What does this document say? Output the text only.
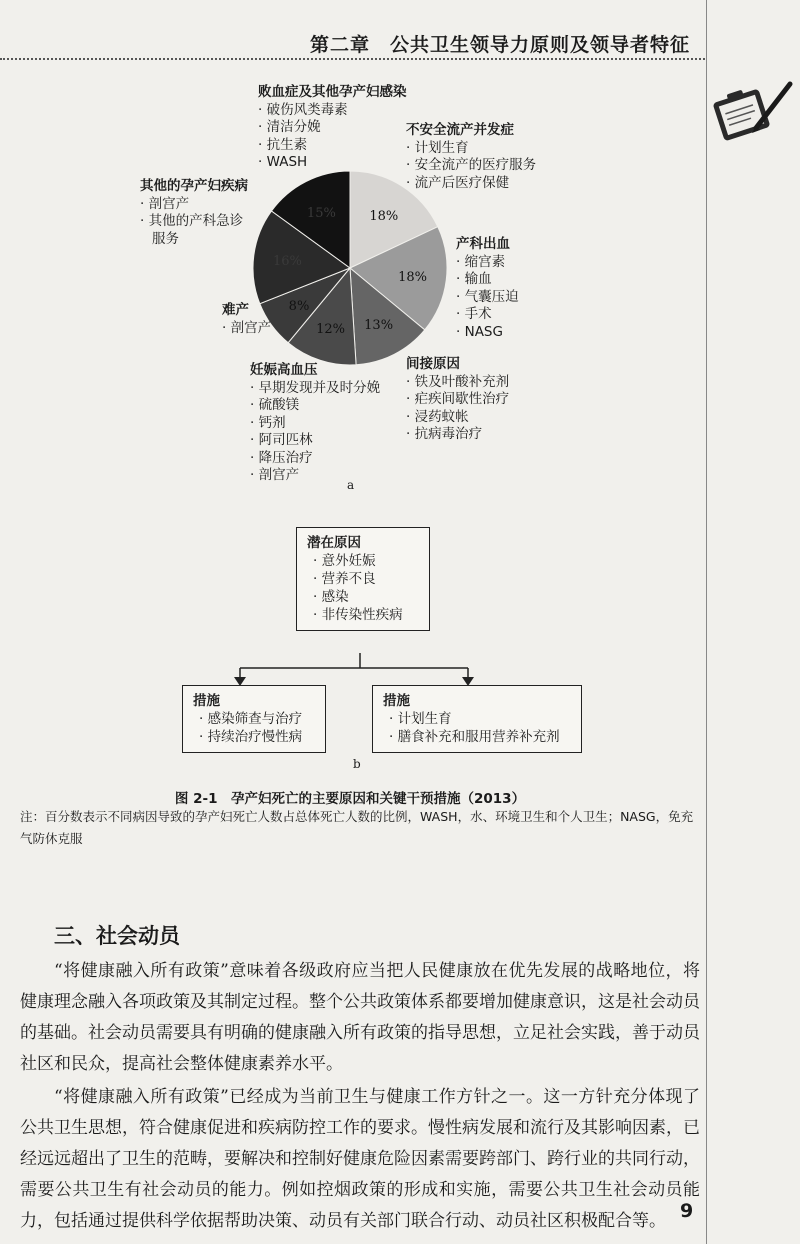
第二章　公共卫生领导力原则及领导者特征
18%
18%
13%
12%
8%
16%
15%
败血症及其他孕产妇感染
· 破伤风类毒素
· 清洁分娩
· 抗生素
· WASH
不安全流产并发症
· 计划生育
· 安全流产的医疗服务
· 流产后医疗保健
其他的孕产妇疾病
· 剖宫产
· 其他的产科急诊
服务	产科出血
· 缩宫素
· 输血
· 气囊压迫
· 手术
· NASG
难产
· 剖宫产
妊娠高血压
· 早期发现并及时分娩
· 硫酸镁
· 钙剂
· 阿司匹林
· 降压治疗
· 剖宫产
间接原因
· 铁及叶酸补充剂
· 疟疾间歇性治疗
· 浸药蚊帐
· 抗病毒治疗
a
潜在原因
· 意外妊娠
· 营养不良
· 感染
· 非传染性疾病
措施
· 感染筛查与治疗
· 持续治疗慢性病
措施
· 计划生育
· 膳食补充和服用营养补充剂
b
图 2-1　孕产妇死亡的主要原因和关键干预措施（2013）
注：百分数表示不同病因导致的孕产妇死亡人数占总体死亡人数的比例，WASH，水、环境卫生和个人卫生；NASG，免充气防休克服
三、社会动员
“将健康融入所有政策”意味着各级政府应当把人民健康放在优先发展的战略地位，将健康理念融入各项政策及其制定过程。整个公共政策体系都要增加健康意识，这是社会动员的基础。社会动员需要具有明确的健康融入所有政策的指导思想，立足社会实践，善于动员社区和民众，提高社会整体健康素养水平。
“将健康融入所有政策”已经成为当前卫生与健康工作方针之一。这一方针充分体现了公共卫生思想，符合健康促进和疾病防控工作的要求。慢性病发展和流行及其影响因素，已经远远超出了卫生的范畴，要解决和控制好健康危险因素需要跨部门、跨行业的共同行动，需要公共卫生有社会动员的能力。例如控烟政策的形成和实施，需要公共卫生社会动员能力，包括通过提供科学依据帮助决策、动员有关部门联合行动、动员社区积极配合等。 9
